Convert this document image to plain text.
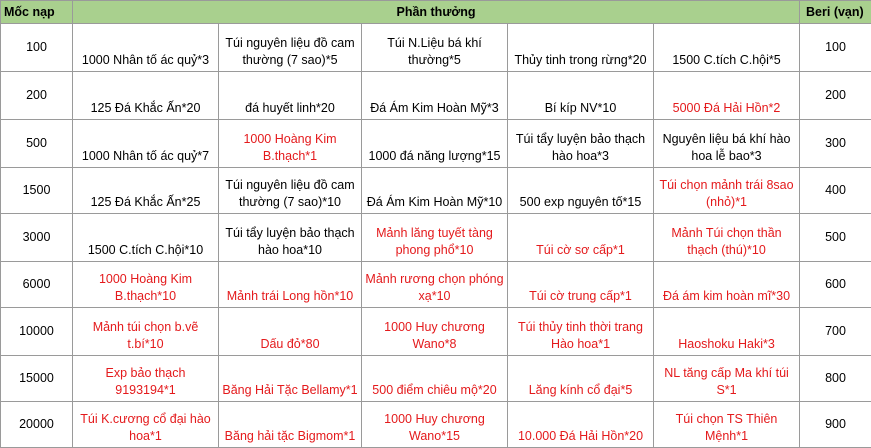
Mốc nạp	Phần thưởng					Beri (vạn)
100	1000 Nhân tố ác quỷ*3	Túi nguyên liệu đồ cam thường (7 sao)*5	Túi N.Liệu bá khí thường*5	Thủy tinh trong rừng*20	1500 C.tích C.hội*5	100
200	125 Đá Khắc Ấn*20	đá huyết linh*20	Đá Ám Kim Hoàn Mỹ*3	Bí kíp NV*10	5000 Đá Hải Hồn*2	200
500	1000 Nhân tố ác quỷ*7	1000 Hoàng Kim B.thạch*1	1000 đá năng lượng*15	Túi tẩy luyện bảo thạch hào hoa*3	Nguyên liệu bá khí hào hoa lễ bao*3	300
1500	125 Đá Khắc Ấn*25	Túi nguyên liệu đồ cam thường (7 sao)*10	Đá Ám Kim Hoàn Mỹ*10	500 exp nguyên tố*15	Túi chọn mảnh trái 8sao (nhỏ)*1	400
3000	1500 C.tích C.hội*10	Túi tẩy luyện bảo thạch hào hoa*10	Mảnh lăng tuyết tàng phong phổ*10	Túi cờ sơ cấp*1	Mảnh Túi chọn thần thạch (thú)*10	500
6000	1000 Hoàng Kim B.thạch*10	Mảnh trái Long hồn*10	Mảnh rương chọn phóng xạ*10	Túi cờ trung cấp*1	Đá ám kim hoàn mĩ*30	600
10000	Mảnh túi chọn b.vẽ t.bí*10	Dấu đỏ*80	1000 Huy chương Wano*8	Túi thủy tinh thời trang Hào hoa*1	Haoshoku Haki*3	700
15000	Exp bảo thạch 9193194*1	Băng Hải Tặc Bellamy*1	500 điểm chiêu mộ*20	Lăng kính cổ đại*5	NL tăng cấp Ma khí túi S*1	800
20000	Túi K.cương cổ đại hào hoa*1	Băng hải tặc Bigmom*1	1000 Huy chương Wano*15	10.000 Đá Hải Hồn*20	Túi chọn TS Thiên Mệnh*1	900
